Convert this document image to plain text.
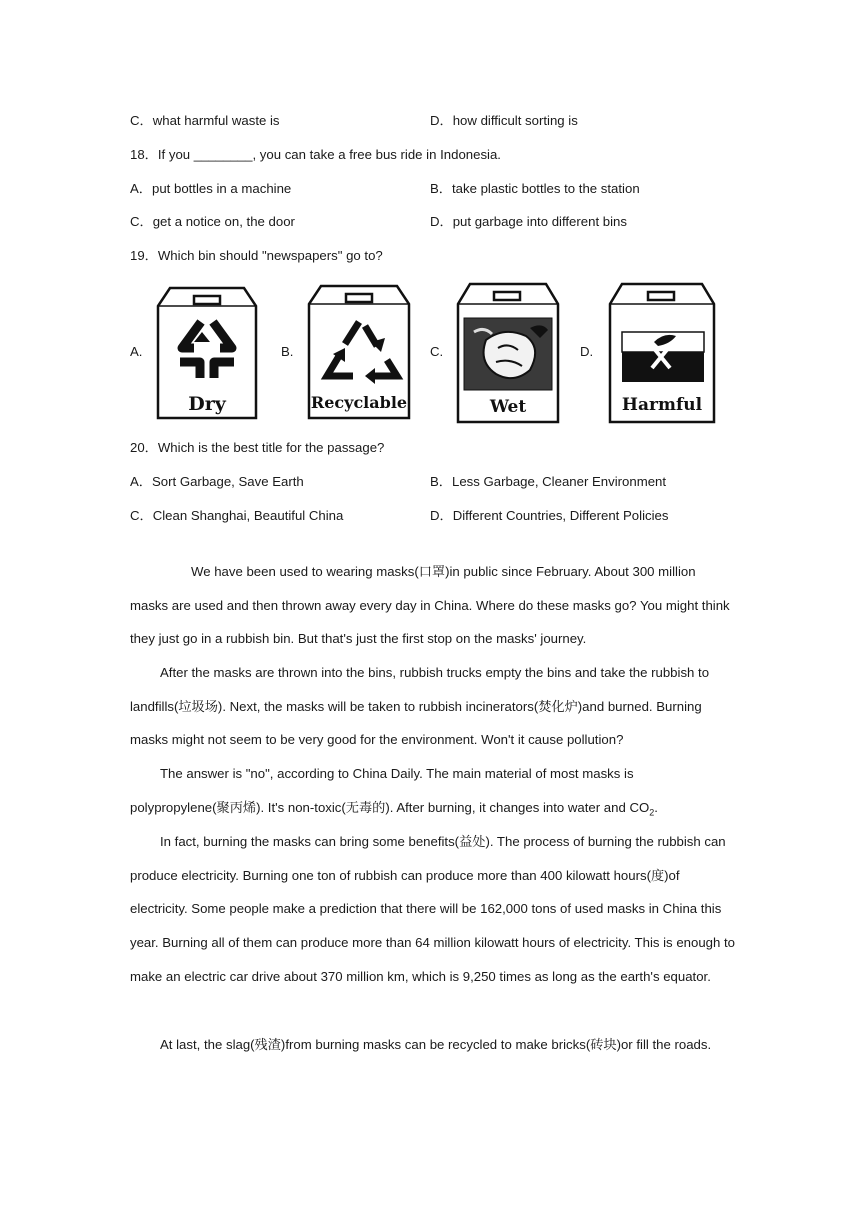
C．what harmful waste is	D．how difficult sorting is
18．If you ________, you can take a free bus ride in Indonesia.
A．put bottles in a machine	B．take plastic bottles to the station
C．get a notice on, the door	D．put garbage into different bins
19．Which bin should "newspapers" go to?
A.	B.	C.	D.
Dry	Recyclable	Wet	Harmful
20．Which is the best title for the passage?
A．Sort Garbage, Save Earth	B．Less Garbage, Cleaner Environment
C．Clean Shanghai, Beautiful China	D．Different Countries, Different Policies
We have been used to wearing masks(口罩)in public since February. About 300 million masks are used and then thrown away every day in China. Where do these masks go? You might think they just go in a rubbish bin. But that's just the first stop on the masks' journey.
After the masks are thrown into the bins, rubbish trucks empty the bins and take the rubbish to landfills(垃圾场). Next, the masks will be taken to rubbish incinerators(焚化炉)and burned. Burning masks might not seem to be very good for the environment. Won't it cause pollution?
The answer is "no", according to China Daily. The main material of most masks is polypropylene(聚丙烯). It's non-toxic(无毒的). After burning, it changes into water and $CO_2$.
In fact, burning the masks can bring some benefits(益处). The process of burning the rubbish can produce electricity. Burning one ton of rubbish can produce more than 400 kilowatt hours(度)of electricity. Some people make a prediction that there will be 162,000 tons of used masks in China this year. Burning all of them can produce more than 64 million kilowatt hours of electricity. This is enough to make an electric car drive about 370 million km, which is 9,250 times as long as the earth's equator.
At last, the slag(残渣)from burning masks can be recycled to make bricks(砖块)or fill the roads.
